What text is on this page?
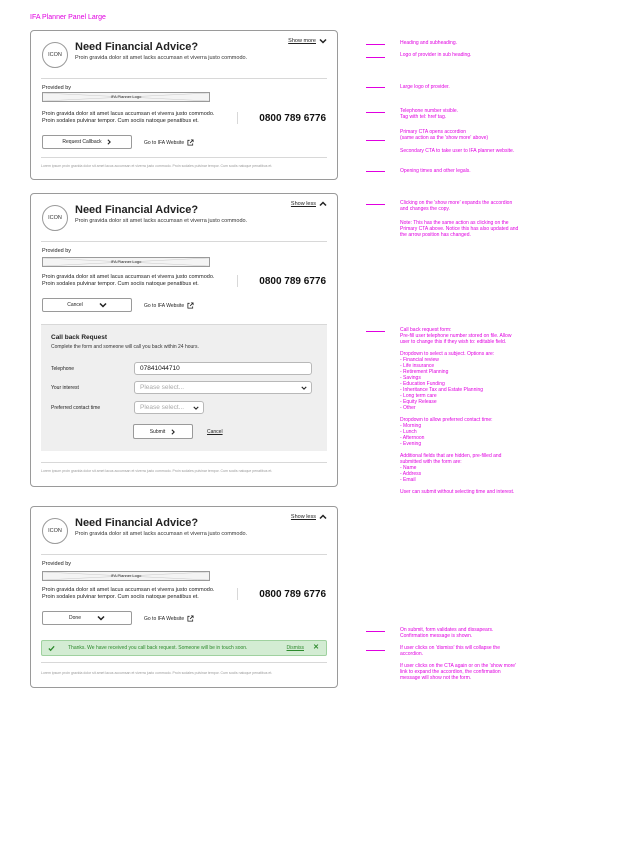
IFA Planner Panel Large
ICON
Need Financial Advice?
Proin gravida dolor sit amet lacks accumsan et viverra justo commodo.
Show more
Provided by
IFA Planner Logo
Proin gravida dolor sit amet lacus accumsan et viverra justo commodo. Proin sodales pulvinar tempor. Cum sociis natoque penatibus et.	0800 789 6776
Request Callback	Go to IFA Website
Lorem ipsum proin gravida dolor sit amet lacus accumsan et viverra justo commodo. Proin sodales pulvinar tempor. Cum sociis natoque penatibus et.
ICON
Need Financial Advice?
Proin gravida dolor sit amet lacks accumsan et viverra justo commodo.
Show less
Provided by
IFA Planner Logo
Proin gravida dolor sit amet lacus accumsan et viverra justo commodo. Proin sodales pulvinar tempor. Cum sociis natoque penatibus et.	0800 789 6776
Cancel	Go to IFA Website
Call back Request
Complete the form and someone will call you back within 24 hours.
Telephone	07841044710
Your interest	Please select...
Preferred contact time	Please select...
Submit	Cancel
Lorem ipsum proin gravida dolor sit amet lacus accumsan et viverra justo commodo. Proin sodales pulvinar tempor. Cum sociis natoque penatibus et.
ICON
Need Financial Advice?
Proin gravida dolor sit amet lacks accumsan et viverra justo commodo.
Show less
Provided by
IFA Planner Logo
Proin gravida dolor sit amet lacus accumsan et viverra justo commodo. Proin sodales pulvinar tempor. Cum sociis natoque penatibus et.	0800 789 6776
Done	Go to IFA Website
Thanks. We have received you call back request. Someone will be in touch soon.	Dismiss ✕
Lorem ipsum proin gravida dolor sit amet lacus accumsan et viverra justo commodo. Proin sodales pulvinar tempor. Cum sociis natoque penatibus et.
Heading and subheading.
Logo of provider in sub heading.
Large logo of provider.
Telephone number visible.
Tag with tel: href tag.
Primary CTA opens accordion
(same action as the 'show more' above)
Secondary CTA to take user to IFA planner website.
Opening times and other legals.
Clicking on the 'show more' expands the accordion and changes the copy.
Note: This has the same action as clicking on the Primary CTA above. Notice this has also updated and the arrow position has changed.
Call back request form:
Pre-fill user telephone number stored on file. Allow user to change this if they wish to: editable field.

Dropdown to select a subject. Options are:
- Financial review
- Life insurance
- Retirement Planning
- Savings
- Education Funding
- Inheritance Tax and Estate Planning
- Long term care
- Equity Release
- Other

Dropdown to allow preferred contact time:
- Morning
- Lunch
- Afternoon
- Evening

Additional fields that are hidden, pre-filled and submitted with the form are:
- Name
- Address
- Email

User can submit without selecting time and interest.
On submit, form validates and dissapears. Confirmation message is shown.

If user clicks on 'dismiss' this will collapse the accordion.

If user clicks on the CTA again or on the 'show more' link to expand the accordion, the confirmation message will show not the form.
